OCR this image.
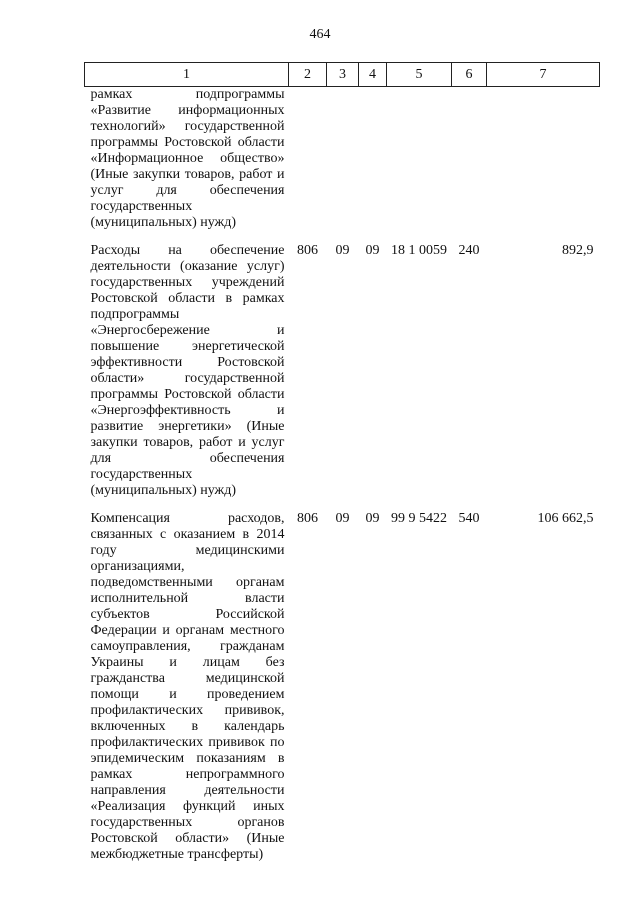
464
1	2	3	4	5	6	7
рамках подпрограммы «Развитие информационных технологий» государственной программы Ростовской области «Информационное общество» (Иные закупки товаров, работ и услуг для обеспечения государственных (муниципальных) нужд)						
Расходы на обеспечение деятельности (оказание услуг) государственных учреждений Ростовской области в рамках подпрограммы «Энергосбережение и повышение энергетической эффективности Ростовской области» государственной программы Ростовской области «Энергоэффективность и развитие энергетики» (Иные закупки товаров, работ и услуг для обеспечения государственных (муниципальных) нужд)	806	09	09	18 1 0059	240	892,9
Компенсация расходов, связанных с оказанием в 2014 году медицинскими организациями, подведомственными органам исполнительной власти субъектов Российской Федерации и органам местного самоуправления, гражданам Украины и лицам без гражданства медицинской помощи и проведением профилактических прививок, включенных в календарь профилактических прививок по эпидемическим показаниям в рамках непрограммного направления деятельности «Реализация функций иных государственных органов Ростовской области» (Иные межбюджетные трансферты)	806	09	09	99 9 5422	540	106 662,5
